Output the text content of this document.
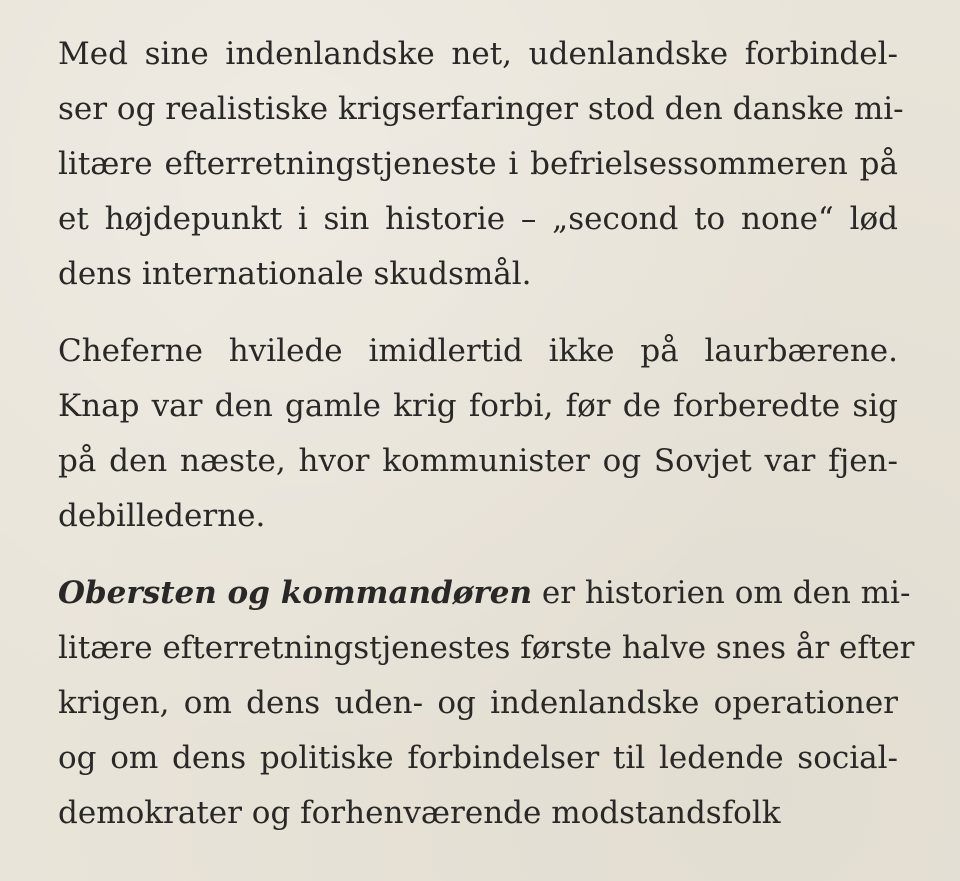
Med sine indenlandske net, udenlandske forbindel-
ser og realistiske krigserfaringer stod den danske mi-
litære efterretningstjeneste i befrielsessommeren på
et højdepunkt i sin historie – „second to none“ lød
dens internationale skudsmål.

Cheferne hvilede imidlertid ikke på laurbærene.
Knap var den gamle krig forbi, før de forberedte sig
på den næste, hvor kommunister og Sovjet var fjen-
debillederne.

Obersten og kommandøren er historien om den mi-
litære efterretningstjenestes første halve snes år efter
krigen, om dens uden- og indenlandske operationer
og om dens politiske forbindelser til ledende social-
demokrater og forhenværende modstandsfolk
